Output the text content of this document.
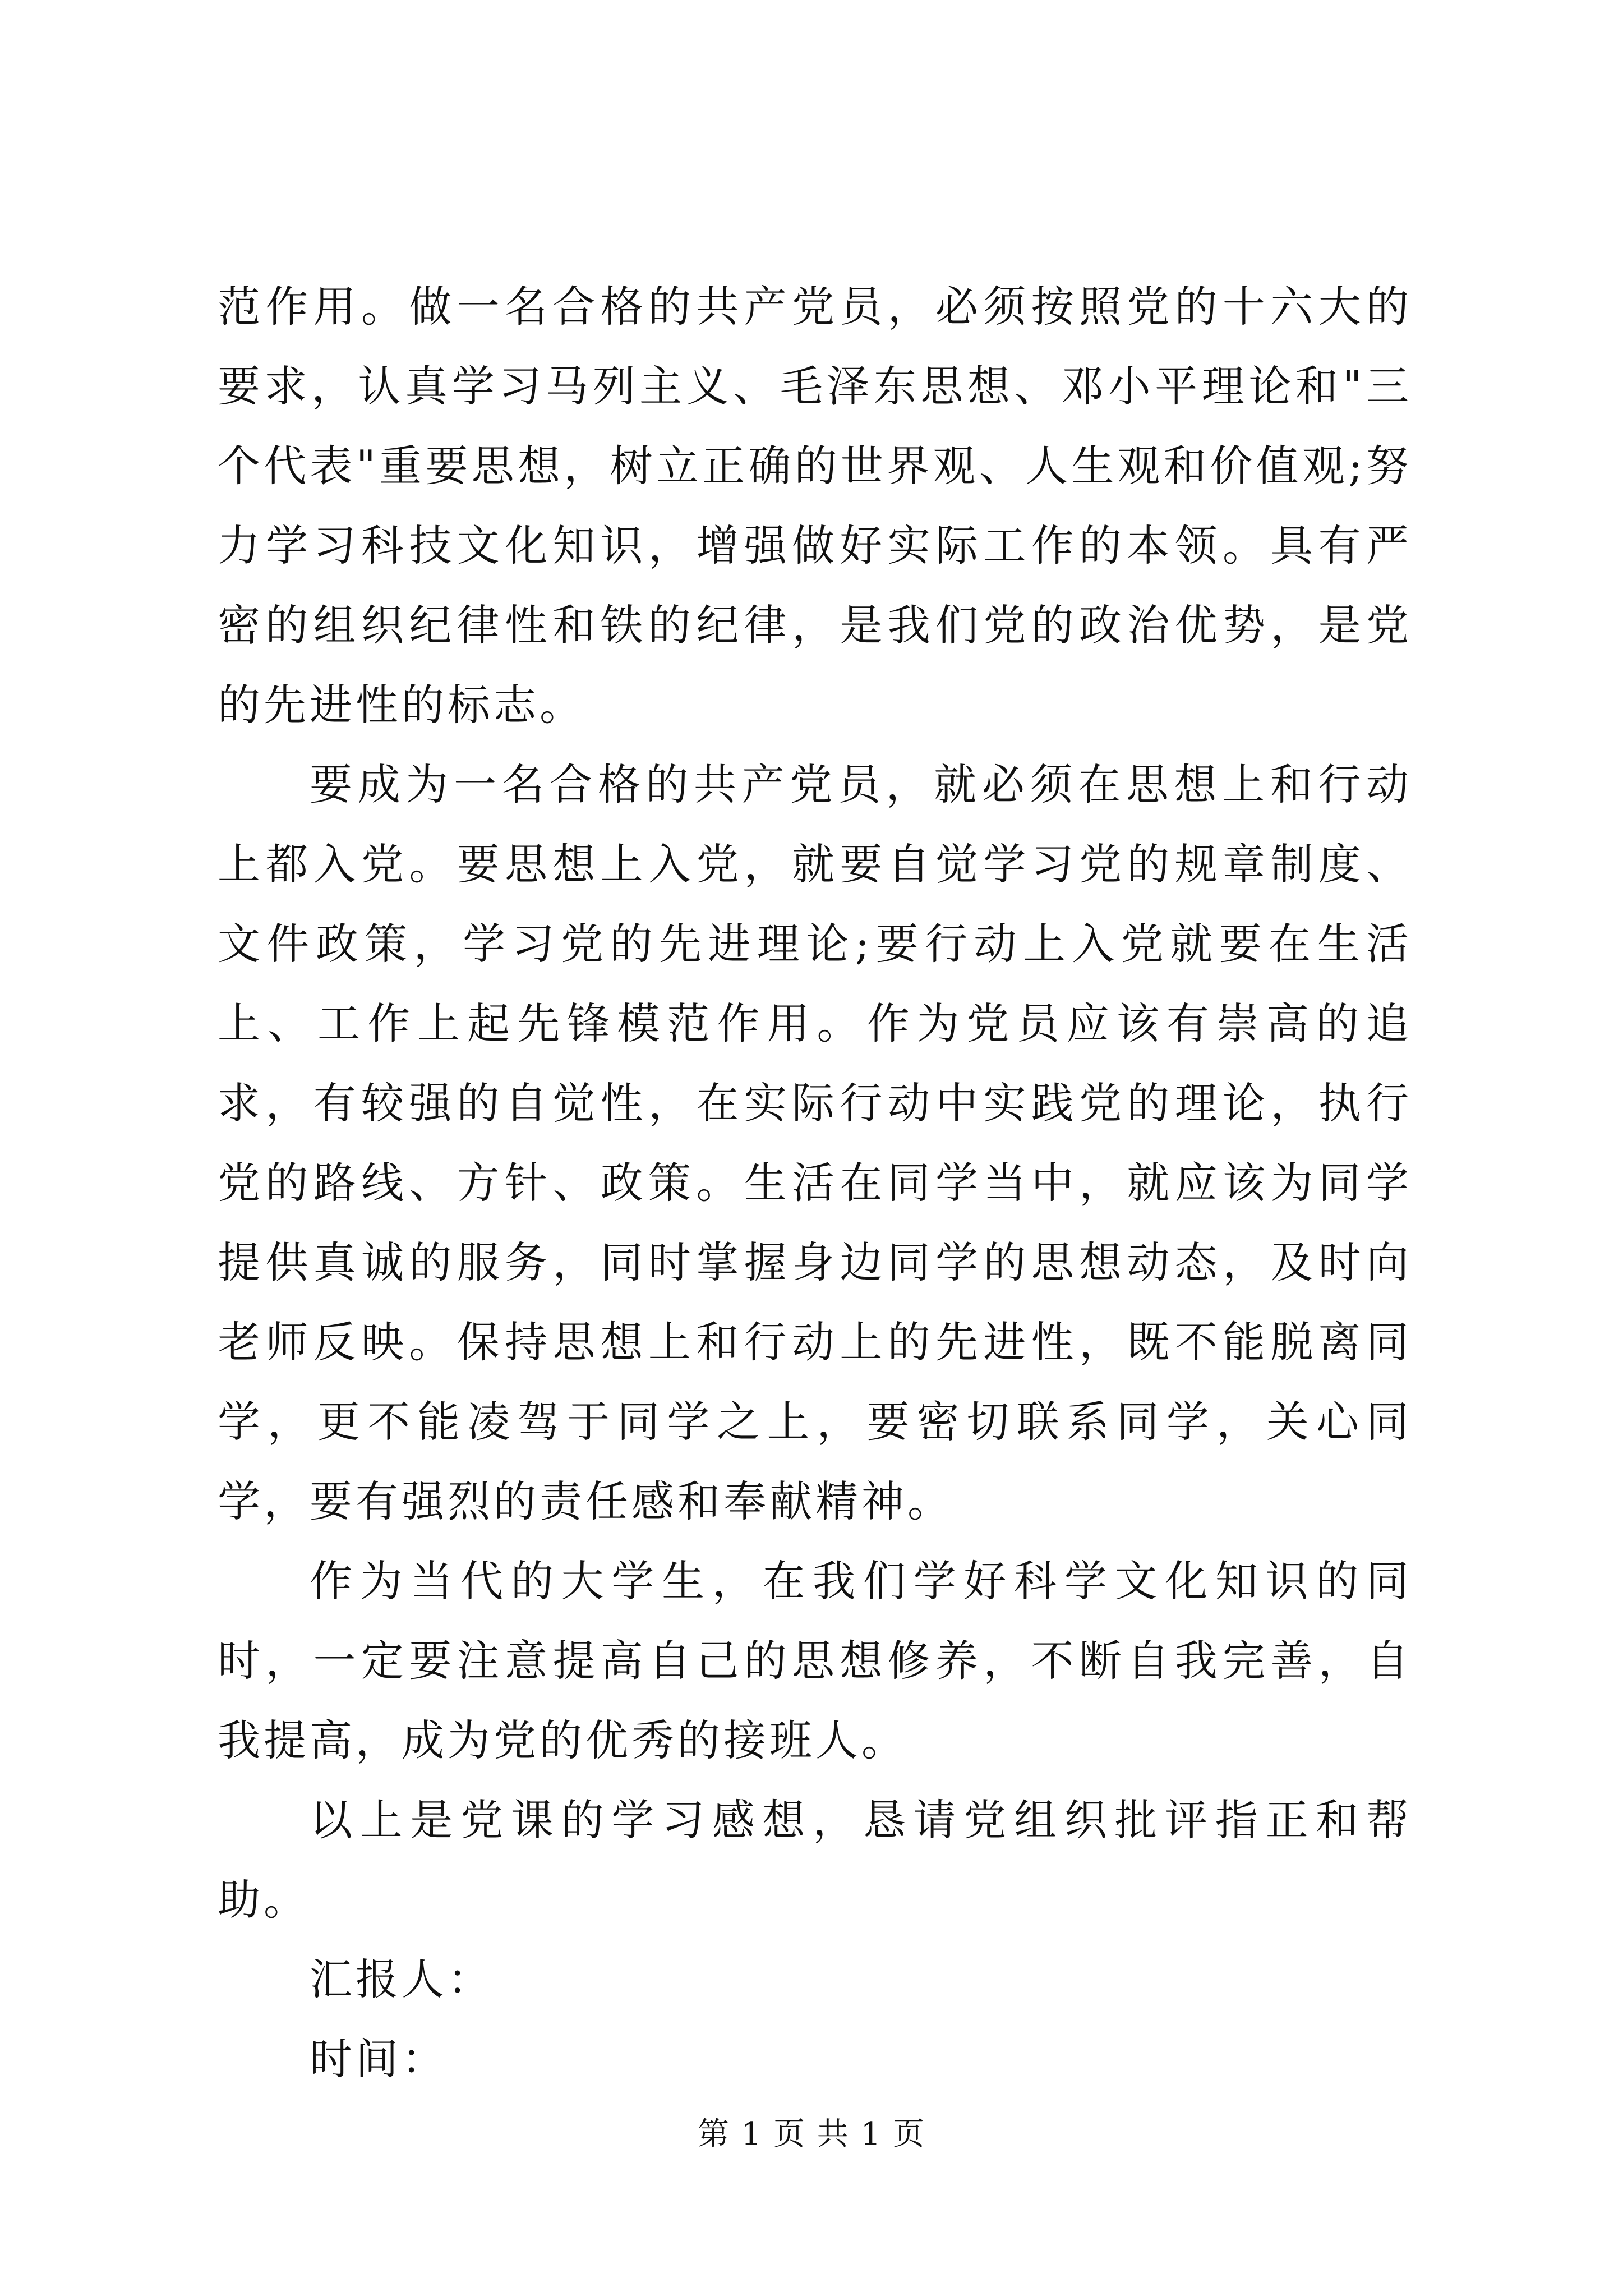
范作用。做一名合格的共产党员，必须按照党的十六大的要求，认真学习马列主义、毛泽东思想、邓小平理论和"三个代表"重要思想，树立正确的世界观、人生观和价值观;努力学习科技文化知识，增强做好实际工作的本领。具有严密的组织纪律性和铁的纪律，是我们党的政治优势，是党的先进性的标志。

要成为一名合格的共产党员，就必须在思想上和行动上都入党。要思想上入党，就要自觉学习党的规章制度、文件政策，学习党的先进理论;要行动上入党就要在生活上、工作上起先锋模范作用。作为党员应该有崇高的追求，有较强的自觉性，在实际行动中实践党的理论，执行党的路线、方针、政策。生活在同学当中，就应该为同学提供真诚的服务，同时掌握身边同学的思想动态，及时向老师反映。保持思想上和行动上的先进性，既不能脱离同学，更不能凌驾于同学之上，要密切联系同学，关心同学，要有强烈的责任感和奉献精神。

作为当代的大学生，在我们学好科学文化知识的同时，一定要注意提高自己的思想修养，不断自我完善，自我提高，成为党的优秀的接班人。

以上是党课的学习感想，恳请党组织批评指正和帮助。

汇报人：

时间：

第 1 页 共 1 页
